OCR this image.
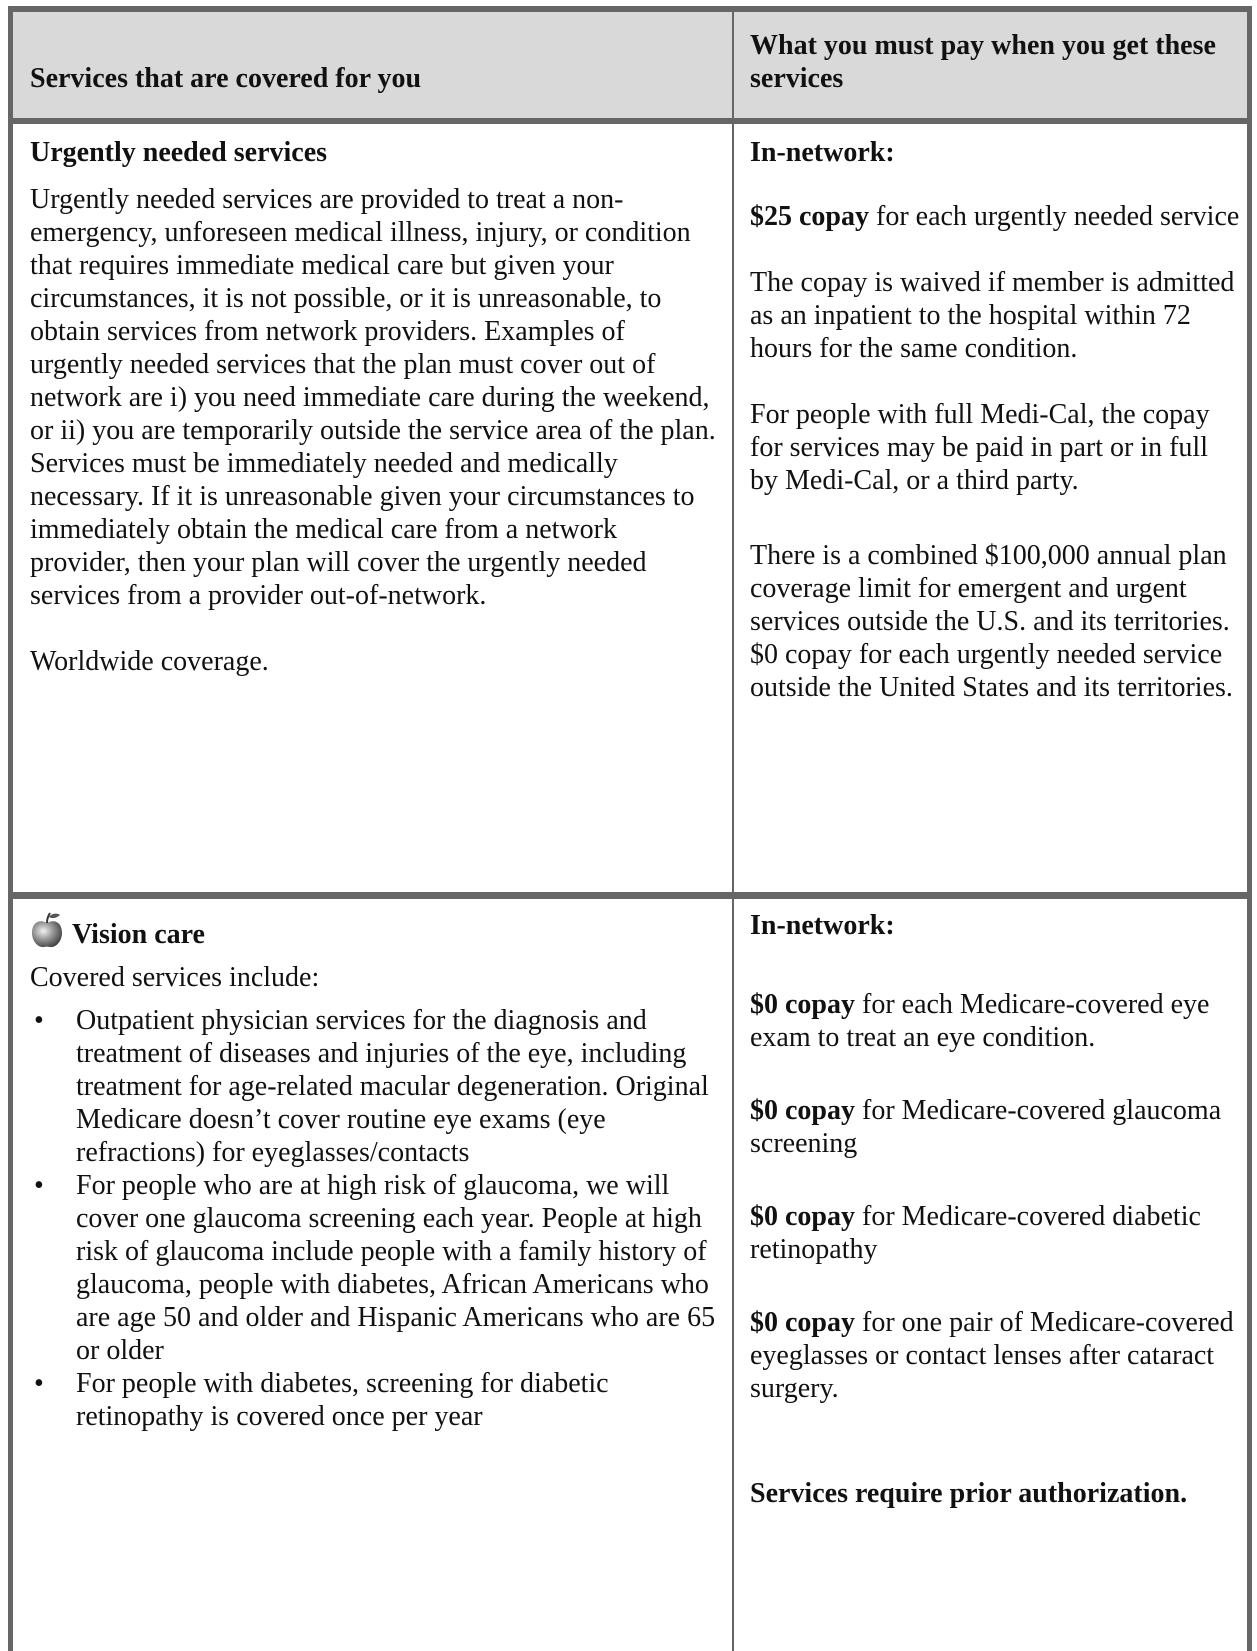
Services that are covered for you
What you must pay when you get these services
Urgently needed services

Urgently needed services are provided to treat a non-emergency, unforeseen medical illness, injury, or condition that requires immediate medical care but given your circumstances, it is not possible, or it is unreasonable, to obtain services from network providers. Examples of urgently needed services that the plan must cover out of network are i) you need immediate care during the weekend, or ii) you are temporarily outside the service area of the plan. Services must be immediately needed and medically necessary. If it is unreasonable given your circumstances to immediately obtain the medical care from a network provider, then your plan will cover the urgently needed services from a provider out-of-network.

Worldwide coverage.

In-network:

$25 copay for each urgently needed service

The copay is waived if member is admitted as an inpatient to the hospital within 72 hours for the same condition.

For people with full Medi-Cal, the copay for services may be paid in part or in full by Medi-Cal, or a third party.

There is a combined $100,000 annual plan coverage limit for emergent and urgent services outside the U.S. and its territories. $0 copay for each urgently needed service outside the United States and its territories.

Vision care

Covered services include:

• Outpatient physician services for the diagnosis and treatment of diseases and injuries of the eye, including treatment for age-related macular degeneration. Original Medicare doesn’t cover routine eye exams (eye refractions) for eyeglasses/contacts
• For people who are at high risk of glaucoma, we will cover one glaucoma screening each year. People at high risk of glaucoma include people with a family history of glaucoma, people with diabetes, African Americans who are age 50 and older and Hispanic Americans who are 65 or older
• For people with diabetes, screening for diabetic retinopathy is covered once per year
In-network:

$0 copay for each Medicare-covered eye exam to treat an eye condition.

$0 copay for Medicare-covered glaucoma screening

$0 copay for Medicare-covered diabetic retinopathy

$0 copay for one pair of Medicare-covered eyeglasses or contact lenses after cataract surgery.

Services require prior authorization.
